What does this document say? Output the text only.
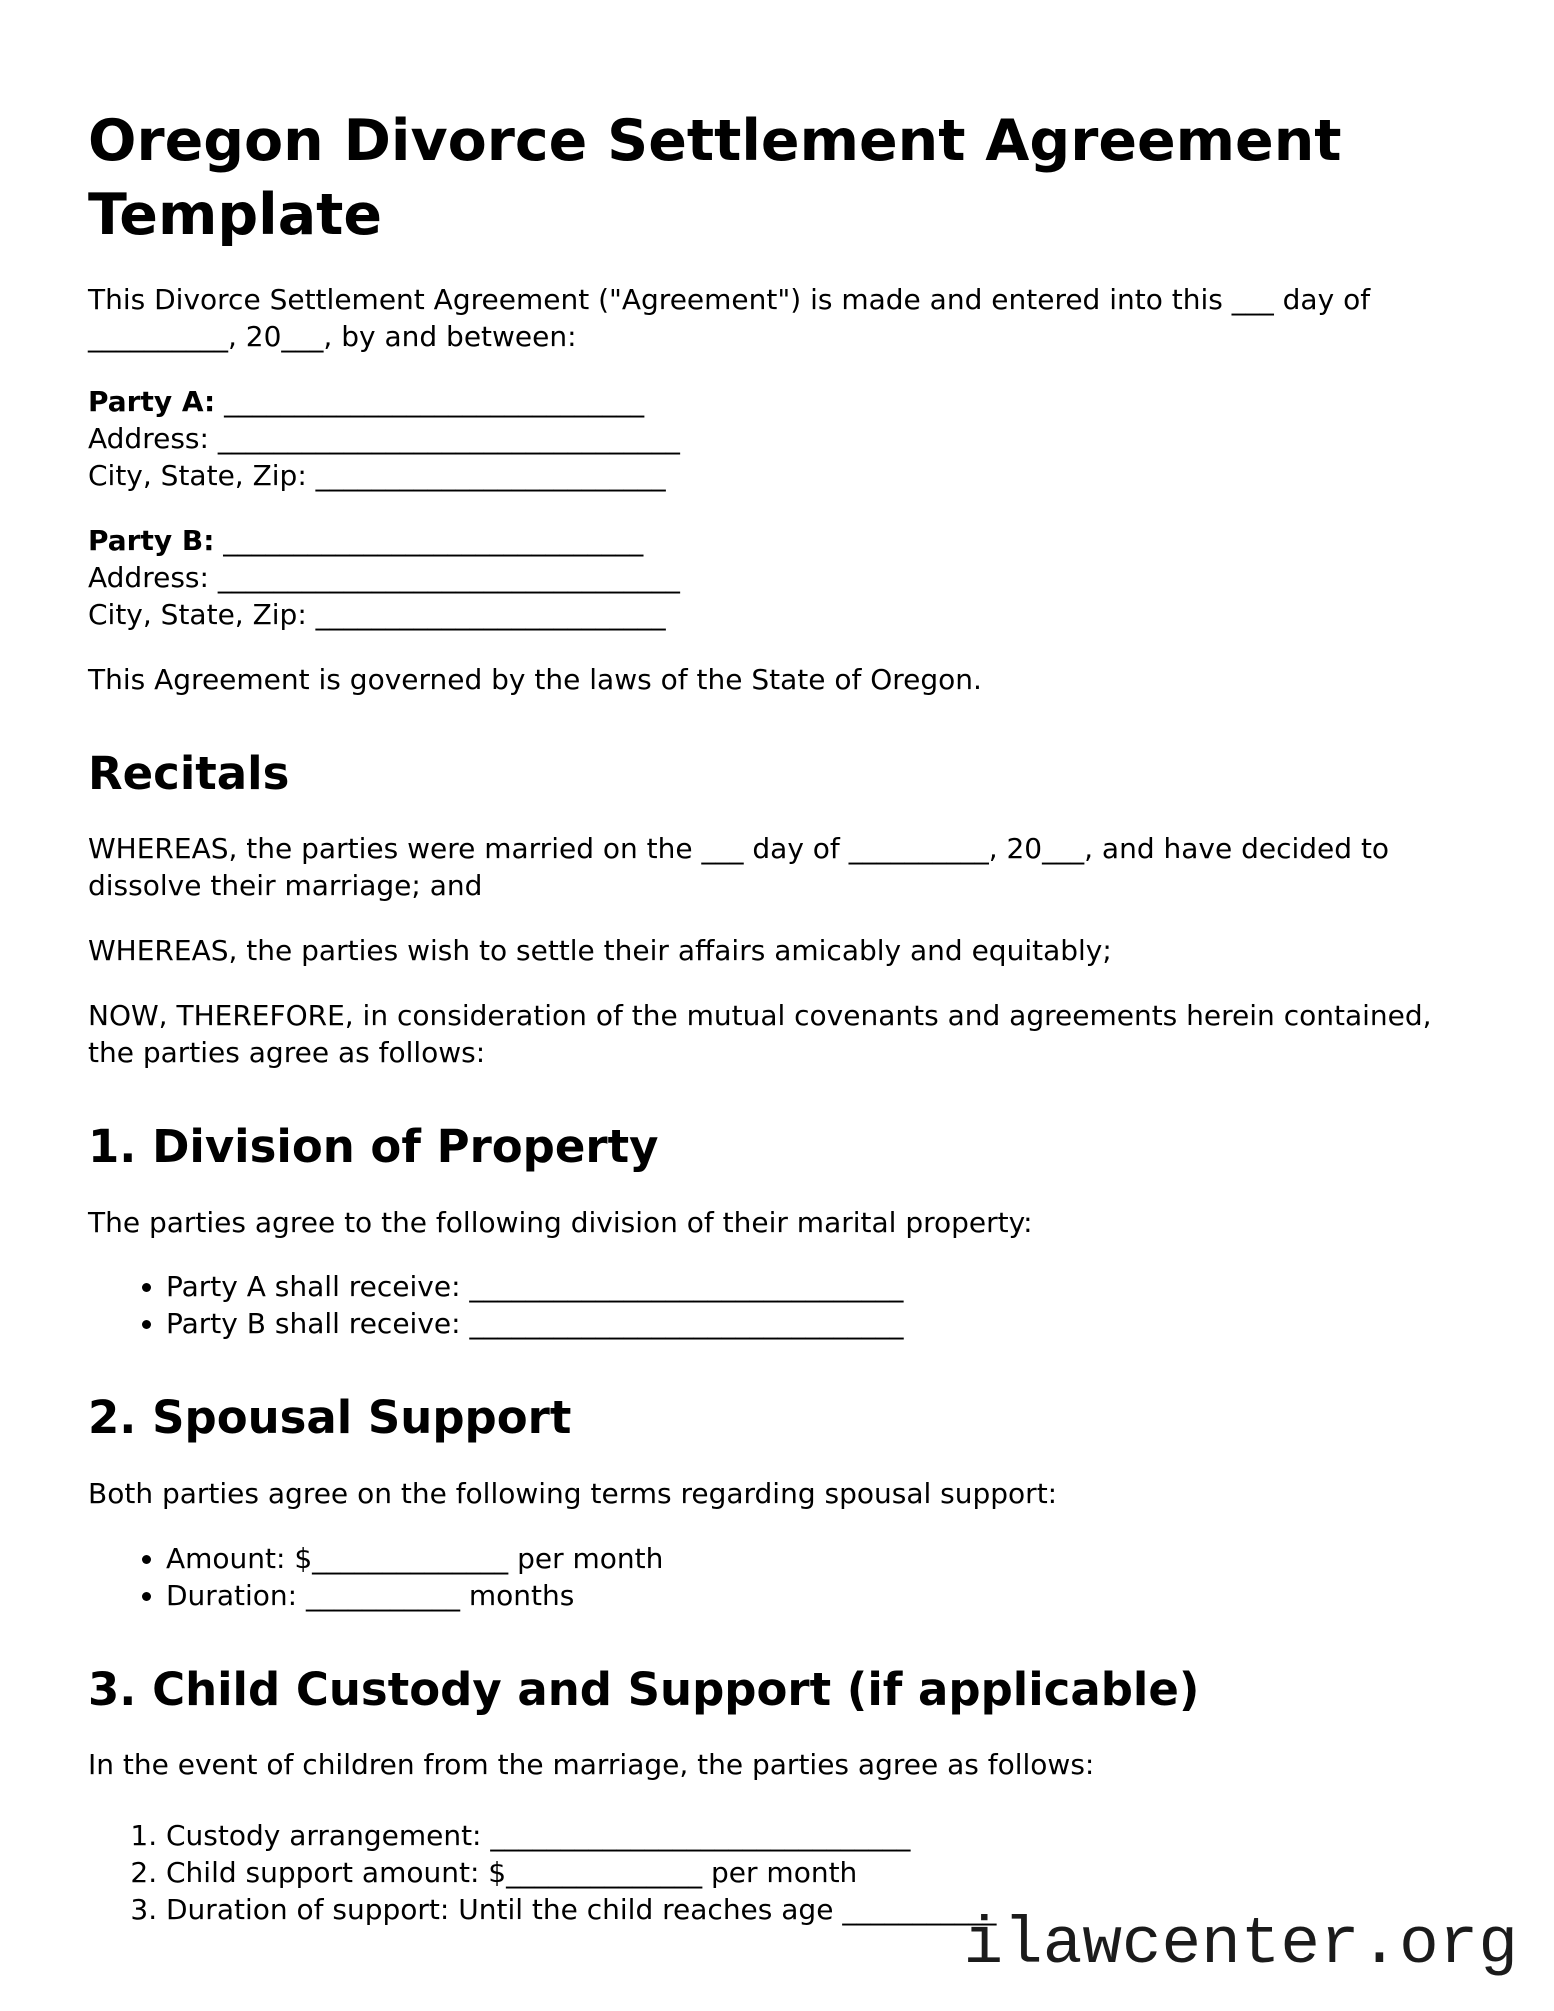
Oregon Divorce Settlement Agreement Template

This Divorce Settlement Agreement ("Agreement") is made and entered into this ___ day of __________, 20___, by and between:

Party A: ______________________________
Address: _________________________________
City, State, Zip: _________________________

Party B: ______________________________
Address: _________________________________
City, State, Zip: _________________________

This Agreement is governed by the laws of the State of Oregon.

Recitals

WHEREAS, the parties were married on the ___ day of __________, 20___, and have decided to dissolve their marriage; and

WHEREAS, the parties wish to settle their affairs amicably and equitably;

NOW, THEREFORE, in consideration of the mutual covenants and agreements herein contained, the parties agree as follows:

1. Division of Property

The parties agree to the following division of their marital property:

• Party A shall receive: _______________________________
• Party B shall receive: _______________________________
2. Spousal Support

Both parties agree on the following terms regarding spousal support:

• Amount: $______________ per month
• Duration: ___________ months
3. Child Custody and Support (if applicable)

In the event of children from the marriage, the parties agree as follows:

1. Custody arrangement: ______________________________
2. Child support amount: $______________ per month
3. Duration of support: Until the child reaches age ___________
ilawcenter.org
